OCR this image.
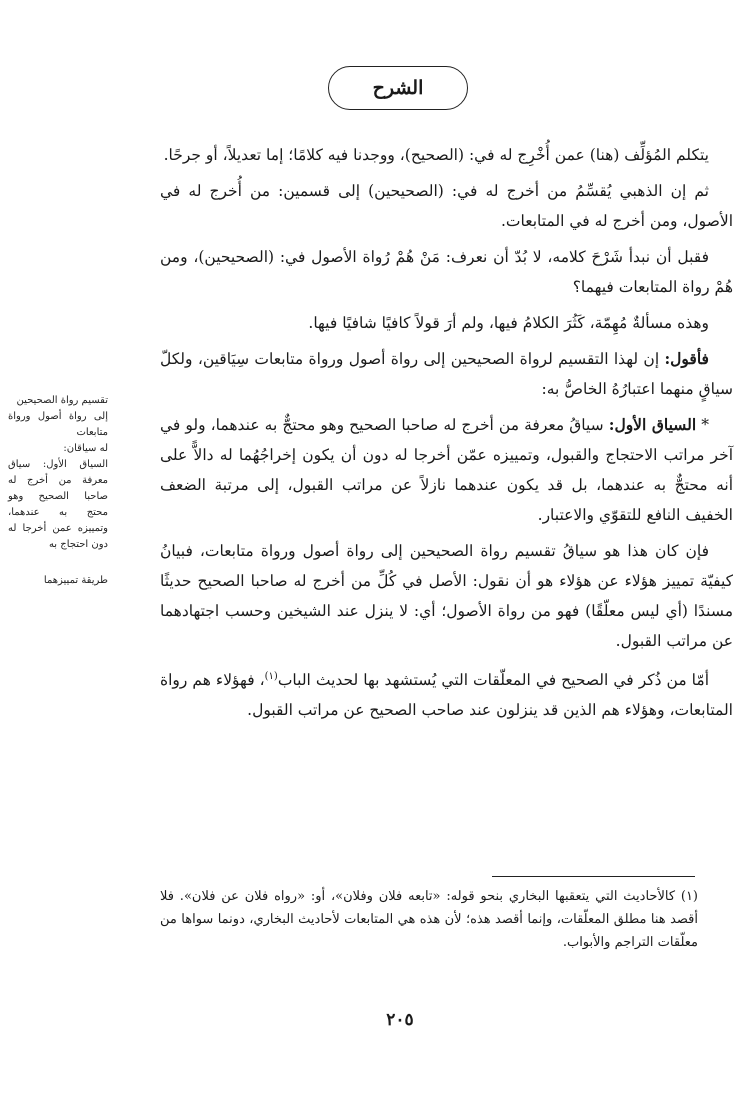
الشرح

يتكلم المُؤلِّف (هنا) عمن أُخْرِج له في: (الصحيح)، ووجدنا فيه كلامًا؛ إما تعديلاً، أو جرحًا.

ثم إن الذهبي يُقسِّمُ من أخرج له في: (الصحيحين) إلى قسمين: من أُخرج له في الأصول، ومن أخرج له في المتابعات.

فقبل أن نبدأ شَرْحَ كلامه، لا بُدّ أن نعرف: مَنْ هُمْ رُواة الأصول في: (الصحيحين)، ومن هُمْ رواة المتابعات فيهما؟

وهذه مسألةٌ مُهِمّة، كَثُرَ الكلامُ فيها، ولم أرَ قولاً كافيًا شافيًا فيها.

فأقول: إن لهذا التقسيم لرواة الصحيحين إلى رواة أصول ورواة متابعات سِيَاقين، ولكلّ سياقٍ منهما اعتبارُهُ الخاصُّ به:

* السياق الأول: سياقُ معرفة من أخرج له صاحبا الصحيح وهو محتجٌّ به عندهما، ولو في آخر مراتب الاحتجاج والقبول، وتمييزه عمّن أخرجا له دون أن يكون إخراجُهُما له دالاًّ على أنه محتجٌّ به عندهما، بل قد يكون عندهما نازلاً عن مراتب القبول، إلى مرتبة الضعف الخفيف النافع للتقوّي والاعتبار.

فإن كان هذا هو سياقُ تقسيم رواة الصحيحين إلى رواة أصول ورواة متابعات، فبيانُ كيفيّة تمييز هؤلاء عن هؤلاء هو أن نقول: الأصل في كُلِّ من أخرج له صاحبا الصحيح حديثًا مسندًا (أي ليس معلّقًا) فهو من رواة الأصول؛ أي: لا ينزل عند الشيخين وحسب اجتهادهما عن مراتب القبول.

أمّا من ذُكر في الصحيح في المعلّقات التي يُستشهد بها لحديث الباب$^{(١)}$، فهؤلاء هم رواة المتابعات، وهؤلاء هم الذين قد ينزلون عند صاحب الصحيح عن مراتب القبول.

تقسيم رواة الصحيحين
إلى رواة أصول ورواة متابعات
له سياقان:
السياق الأول: سياق معرفة من أخرج له صاحبا الصحيح وهو محتج به عندهما، وتمييزه عمن أخرجا له دون احتجاج به
طريقة تمييزهما
(١) كالأحاديث التي يتعقبها البخاري بنحو قوله: «تابعه فلان وفلان»، أو: «رواه فلان عن فلان». فلا أقصد هنا مطلق المعلّقات، وإنما أقصد هذه؛ لأن هذه هي المتابعات لأحاديث البخاري، دونما سواها من معلّقات التراجم والأبواب.
٢٠٥
